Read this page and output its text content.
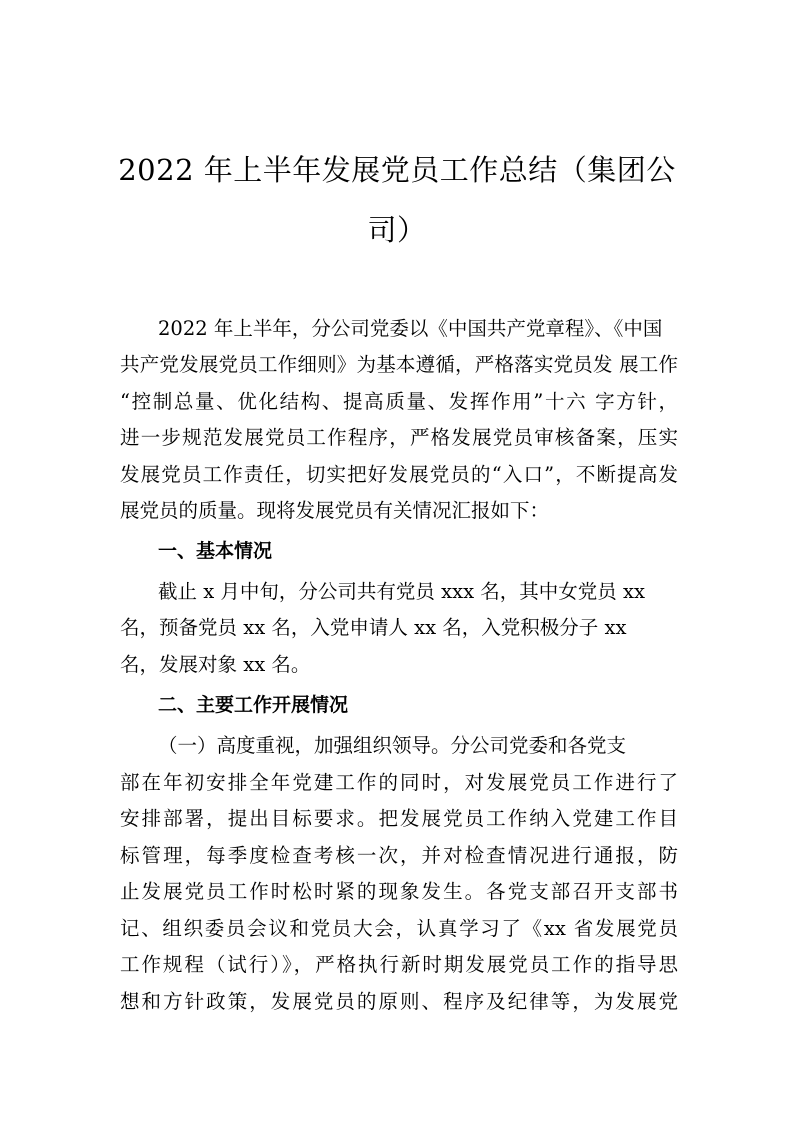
2022 年上半年发展党员工作总结（集团公
司）
2022 年上半年，分公司党委以《中国共产党章程》、《中国
共产党发展党员工作细则》为基本遵循，严格落实党员发 展工作
“控制总量、优化结构、提高质量、发挥作用”十六 字方针，
进一步规范发展党员工作程序，严格发展党员审核备案，压实
发展党员工作责任，切实把好发展党员的“入口”，不断提高发
展党员的质量。现将发展党员有关情况汇报如下：
一、基本情况
截止 x 月中旬，分公司共有党员 xxx 名，其中女党员 xx
名，预备党员 xx 名，入党申请人 xx 名，入党积极分子 xx
名，发展对象 xx 名。
二、主要工作开展情况
（一）高度重视，加强组织领导。分公司党委和各党支
部在年初安排全年党建工作的同时，对发展党员工作进行了
安排部署，提出目标要求。把发展党员工作纳入党建工作目
标管理，每季度检查考核一次，并对检查情况进行通报，防
止发展党员工作时松时紧的现象发生。各党支部召开支部书
记、组织委员会议和党员大会，认真学习了《xx 省发展党员
工作规程（试行）》，严格执行新时期发展党员工作的指导思
想和方针政策，发展党员的原则、程序及纪律等，为发展党
